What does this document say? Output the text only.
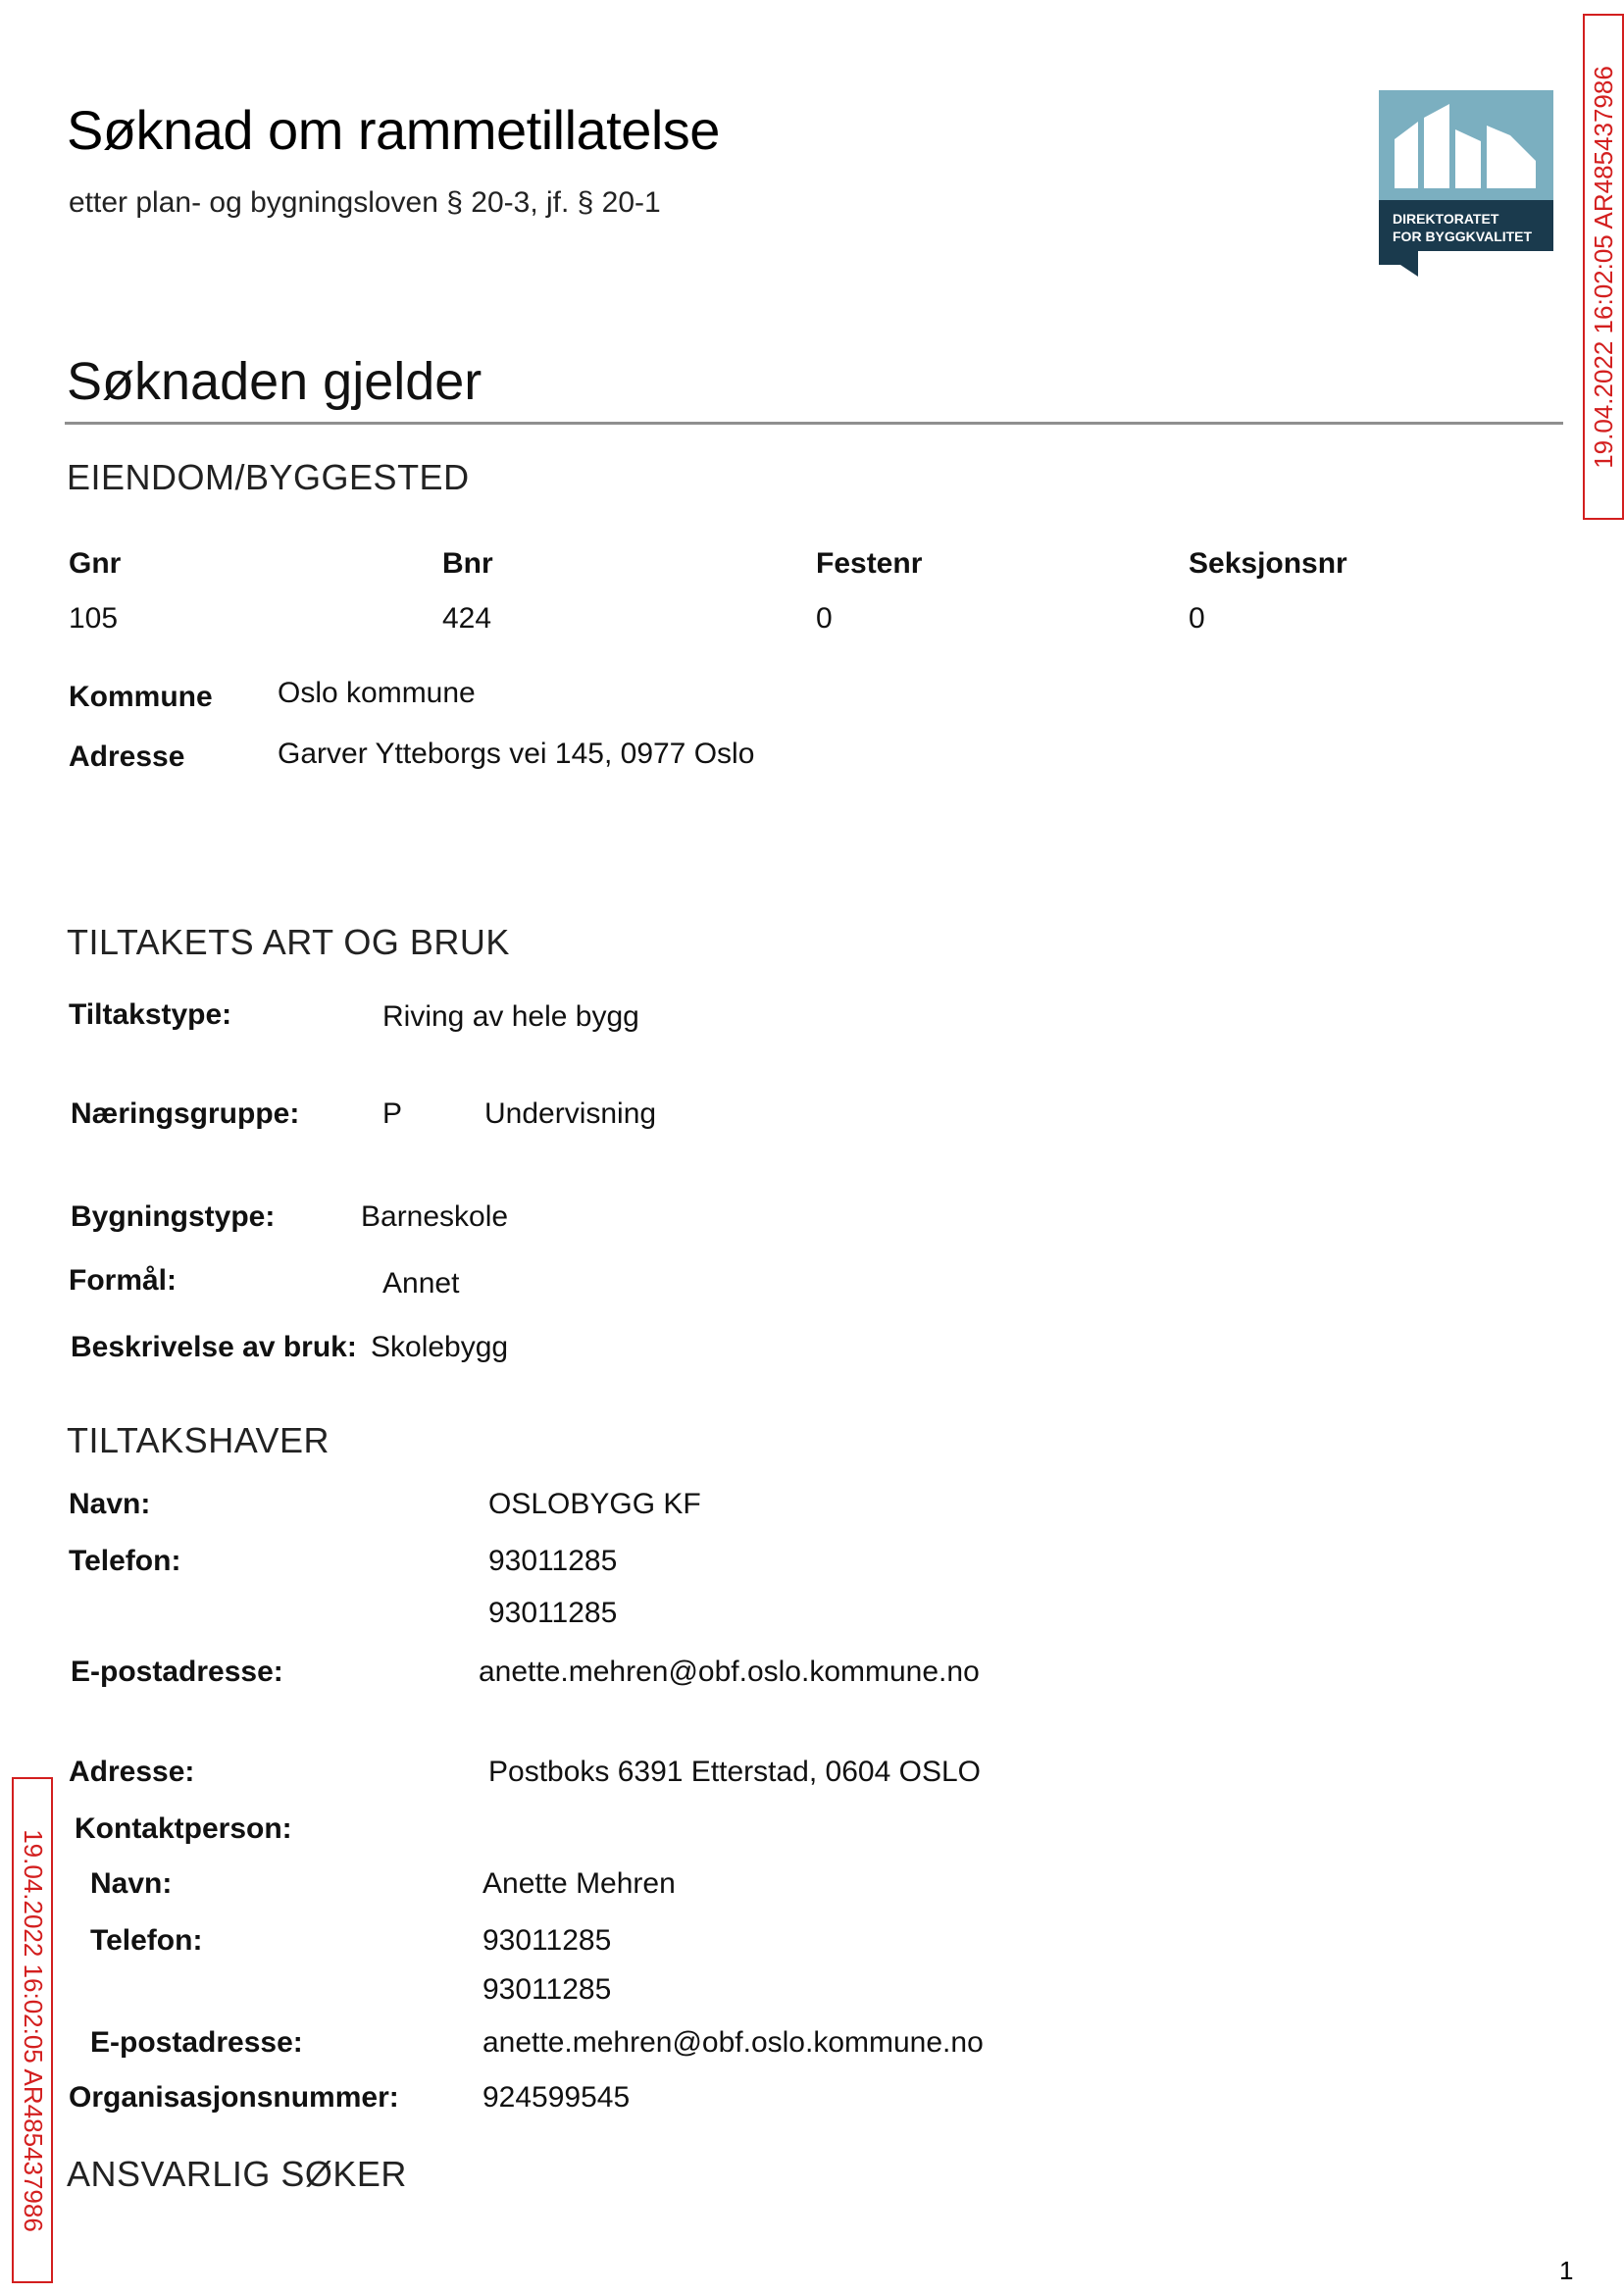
Søknad om rammetillatelse
etter plan- og bygningsloven § 20-3, jf. § 20-1	DIREKTORATET
FOR BYGGKVALITET 19.04.2022 16:02:05 AR485437986
19.04.2022 16:02:05 AR485437986
Søknaden gjelder
EIENDOM/BYGGESTED
Gnr	Bnr	Festenr	Seksjonsnr
105	424	0	0
Kommune Oslo kommune
Adresse	Garver Ytteborgs vei 145, 0977 Oslo
TILTAKETS ART OG BRUK
Tiltakstype:	Riving av hele bygg
Næringsgruppe:	P	Undervisning
Bygningstype:	Barneskole
Formål:	Annet
Beskrivelse av bruk: Skolebygg
TILTAKSHAVER
Navn:	OSLOBYGG KF
Telefon:	93011285
93011285
E-postadresse:	anette.mehren@obf.oslo.kommune.no
Adresse:	Postboks 6391 Etterstad, 0604 OSLO
Kontaktperson:
Navn:	Anette Mehren
Telefon:	93011285
93011285
E-postadresse:	anette.mehren@obf.oslo.kommune.no
Organisasjonsnummer:	924599545
ANSVARLIG SØKER
1
